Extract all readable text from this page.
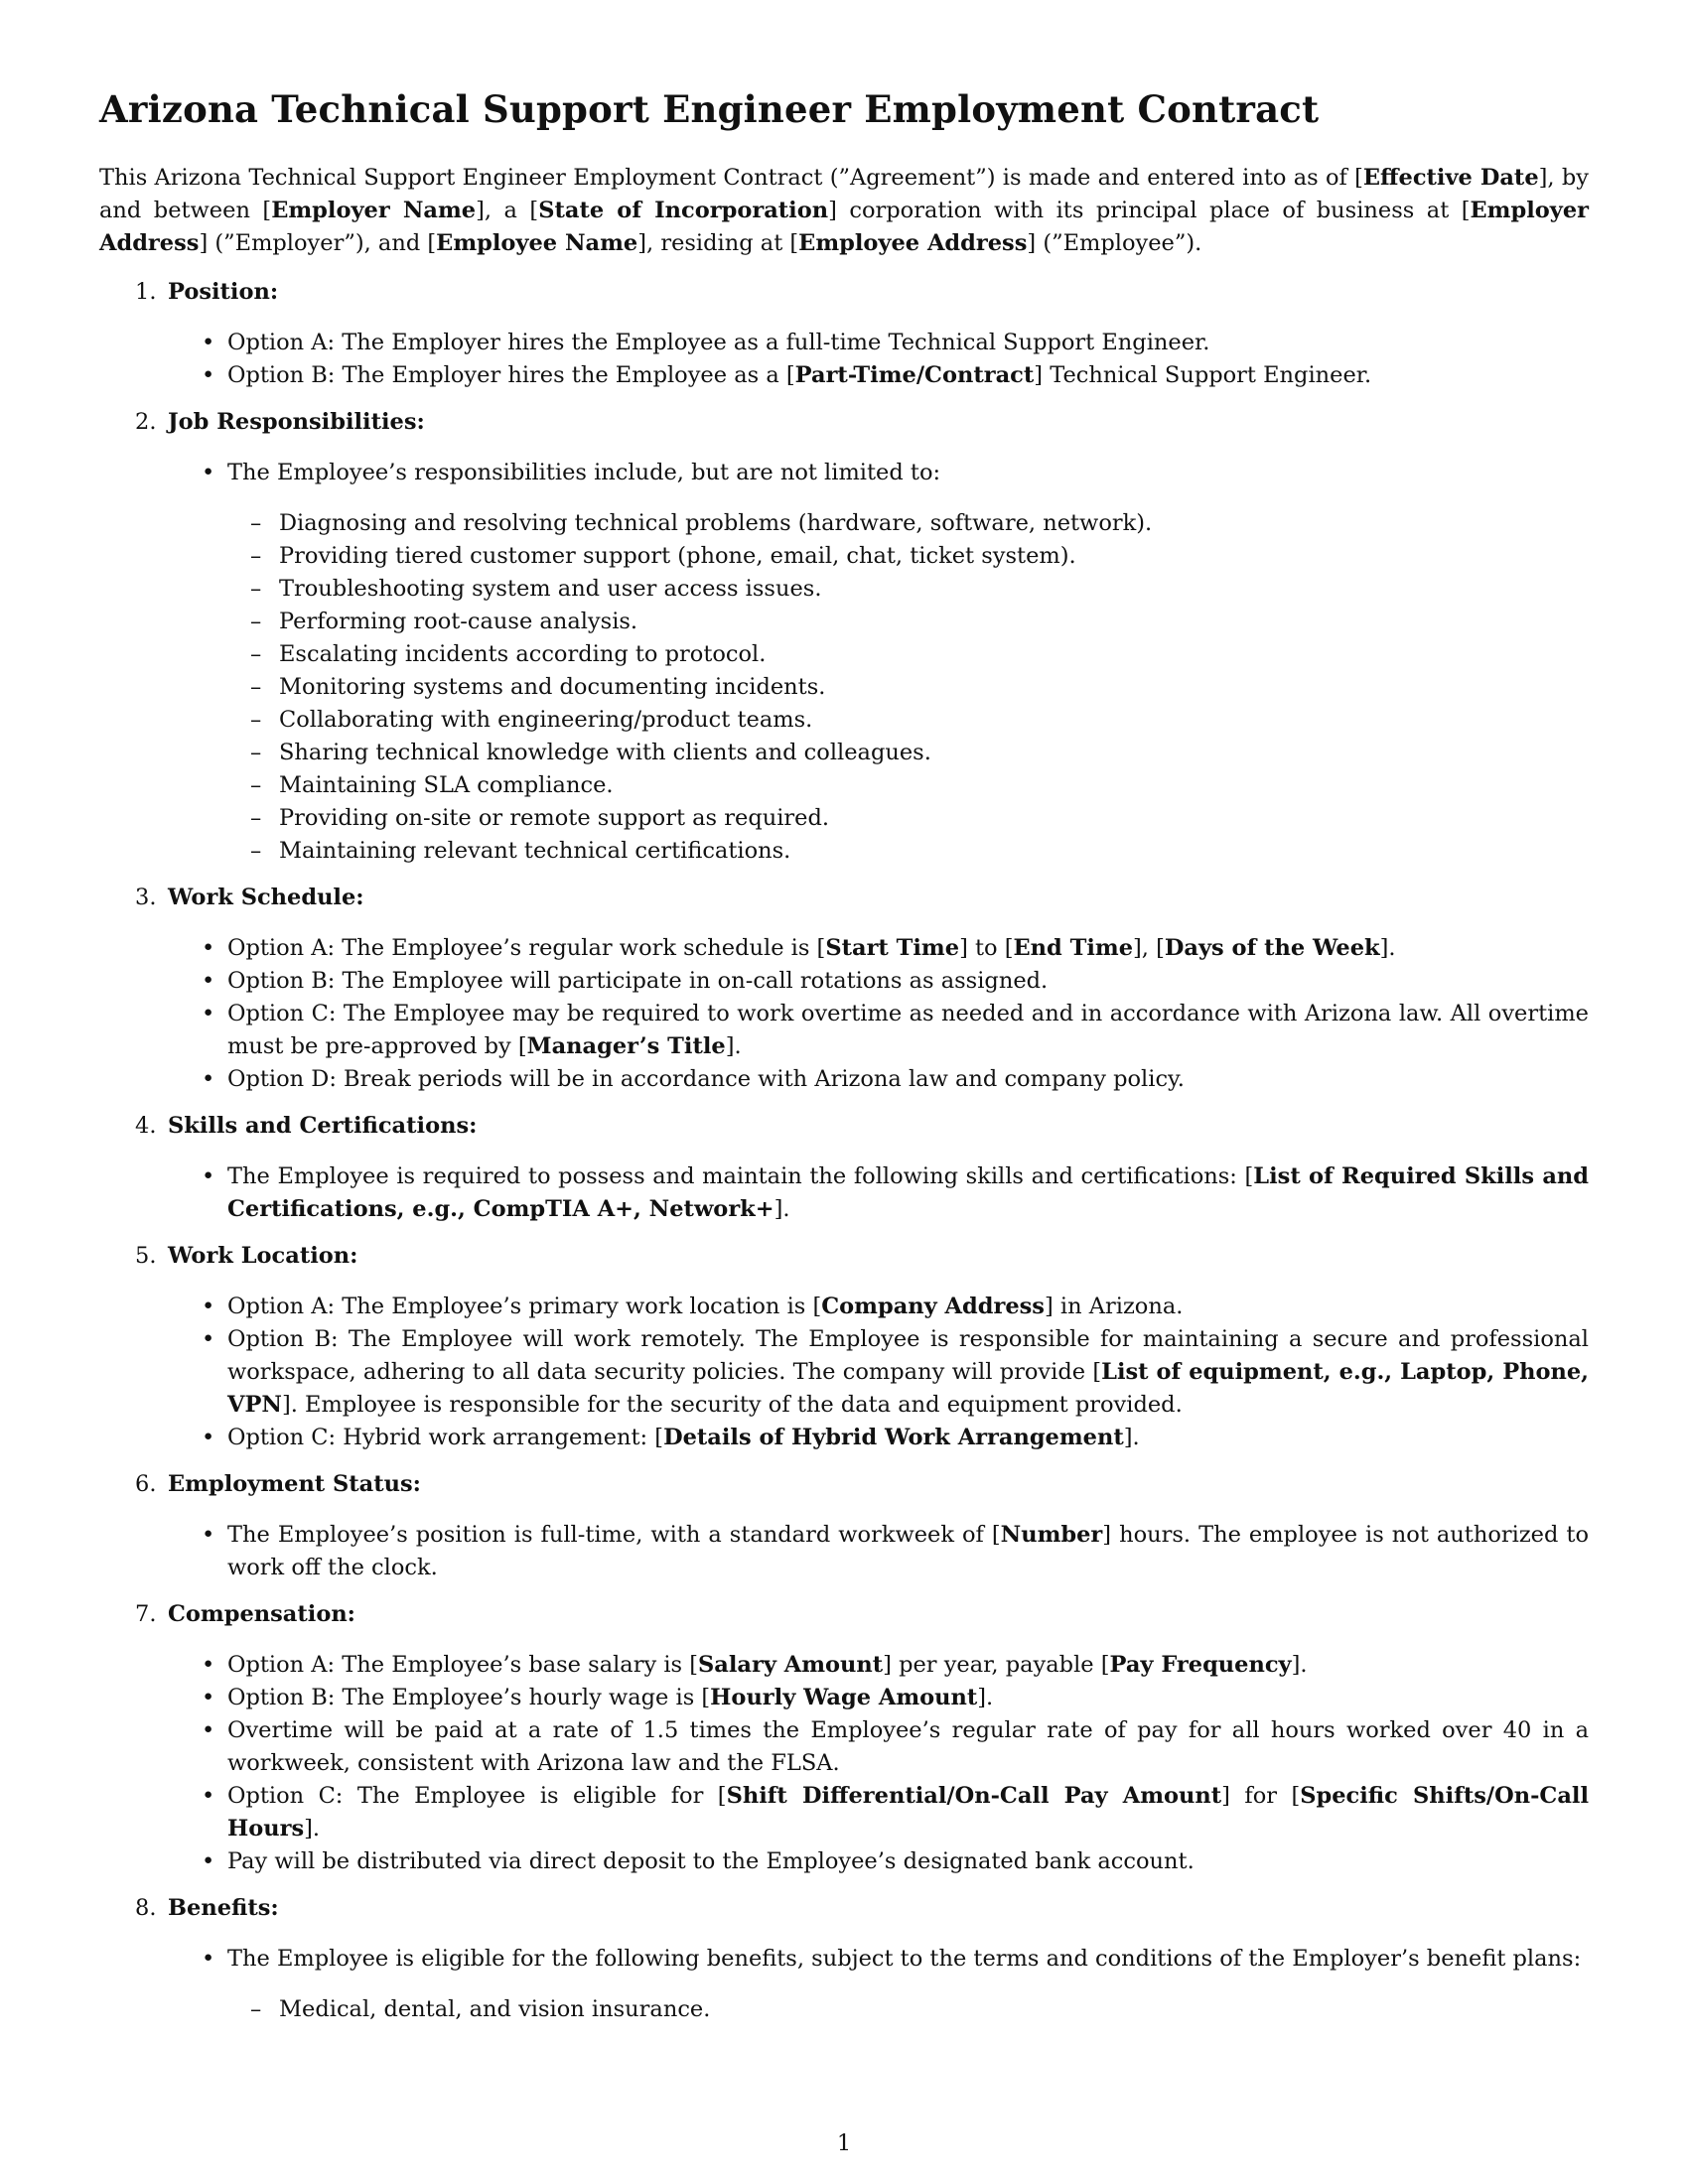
Arizona Technical Support Engineer Employment Contract

This Arizona Technical Support Engineer Employment Contract (”Agreement”) is made and entered into as of [Effective Date], by and between [Employer Name], a [State of Incorporation] corporation with its principal place of business at [Employer Address] (”Employer”), and [Employee Name], residing at [Employee Address] (”Employee”).

1. Position:
• Option A: The Employer hires the Employee as a full-time Technical Support Engineer.
• Option B: The Employer hires the Employee as a [Part-Time/Contract] Technical Support Engineer.
2. Job Responsibilities:
• The Employee’s responsibilities include, but are not limited to:
– Diagnosing and resolving technical problems (hardware, software, network).
– Providing tiered customer support (phone, email, chat, ticket system).
– Troubleshooting system and user access issues.
– Performing root-cause analysis.
– Escalating incidents according to protocol.
– Monitoring systems and documenting incidents.
– Collaborating with engineering/product teams.
– Sharing technical knowledge with clients and colleagues.
– Maintaining SLA compliance.
– Providing on-site or remote support as required.
– Maintaining relevant technical certifications.
3. Work Schedule:
• Option A: The Employee’s regular work schedule is [Start Time] to [End Time], [Days of the Week].
• Option B: The Employee will participate in on-call rotations as assigned.
• Option C: The Employee may be required to work overtime as needed and in accordance with Arizona law. All overtime must be pre-approved by [Manager’s Title].
• Option D: Break periods will be in accordance with Arizona law and company policy.
4. Skills and Certifications:
• The Employee is required to possess and maintain the following skills and certifications: [List of Required Skills and Certifications, e.g., CompTIA A+, Network+].
5. Work Location:
• Option A: The Employee’s primary work location is [Company Address] in Arizona.
• Option B: The Employee will work remotely. The Employee is responsible for maintaining a secure and professional workspace, adhering to all data security policies. The company will provide [List of equipment, e.g., Laptop, Phone, VPN]. Employee is responsible for the security of the data and equipment provided.
• Option C: Hybrid work arrangement: [Details of Hybrid Work Arrangement].
6. Employment Status:
• The Employee’s position is full-time, with a standard workweek of [Number] hours. The employee is not authorized to work off the clock.
7. Compensation:
• Option A: The Employee’s base salary is [Salary Amount] per year, payable [Pay Frequency].
• Option B: The Employee’s hourly wage is [Hourly Wage Amount].
• Overtime will be paid at a rate of 1.5 times the Employee’s regular rate of pay for all hours worked over 40 in a workweek, consistent with Arizona law and the FLSA.
• Option C: The Employee is eligible for [Shift Differential/On-Call Pay Amount] for [Specific Shifts/On-Call Hours].
• Pay will be distributed via direct deposit to the Employee’s designated bank account.
8. Benefits:
• The Employee is eligible for the following benefits, subject to the terms and conditions of the Employer’s benefit plans:
– Medical, dental, and vision insurance.
1
